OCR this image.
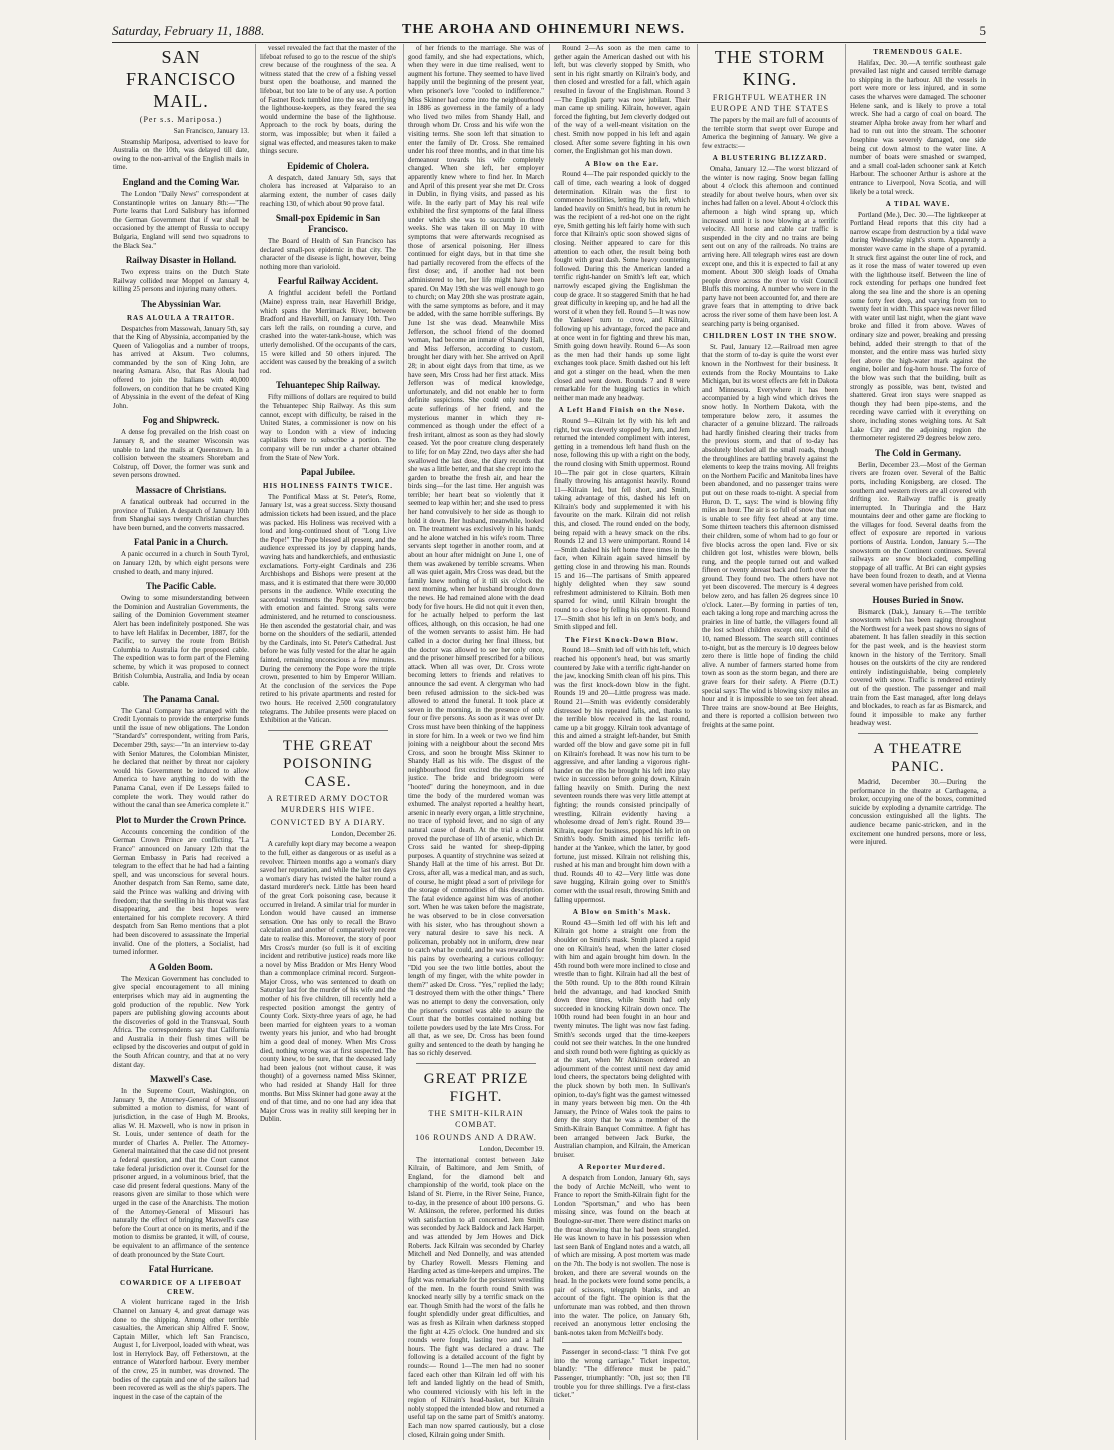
Saturday, February 11, 1888.	THE AROHA AND OHINEMURI NEWS.	5
SAN FRANCISCO MAIL.
(Per s.s. Mariposa.)
San Francisco, January 13.

Steamship Mariposa, advertised to leave for Australia on the 10th, was delayed till date, owing to the non-arrival of the English mails in time.

England and the Coming War.

The London "Daily News" correspondent at Constantinople writes on January 8th:—"The Porte learns that Lord Salisbury has informed the German Government that if war shall be occasioned by the attempt of Russia to occupy Bulgaria, England will send two squadrons to the Black Sea."

Railway Disaster in Holland.

Two express trains on the Dutch State Railway collided near Moppel on January 4, killing 25 persons and injuring many others.

The Abyssinian War.
RAS ALOULA A TRAITOR.

Despatches from Massowah, January 5th, say that the King of Abyssinia, accompanied by the Queen of Valiogolias and a number of troops, has arrived at Aksum. Two columns, commanded by the son of King John, are nearing Asmara. Also, that Ras Aloula had offered to join the Italians with 40,000 followers, on condition that he be created King of Abyssinia in the event of the defeat of King John.

Fog and Shipwreck.

A dense fog prevailed on the Irish coast on January 8, and the steamer Wisconsin was unable to land the mails at Queenstown. In a collision between the steamers Shorebam and Colstrup, off Dover, the former was sunk and seven persons drowned.

Massacre of Christians.

A fanatical outbreak had occurred in the province of Tukien. A despatch of January 10th from Shanghai says twenty Christian churches have been burned, and the converts massacred.

Fatal Panic in a Church.

A panic occurred in a church in South Tyrol, on January 12th, by which eight persons were crushed to death, and many injured.

The Pacific Cable.

Owing to some misunderstanding between the Dominion and Australian Governments, the sailing of the Dominion Government steamer Alert has been indefinitely postponed. She was to have left Halifax in December, 1887, for the Pacific, to survey the route from British Columbia to Australia for the proposed cable. The expedition was to form part of the Fleming scheme, by which it was proposed to connect British Columbia, Australia, and India by ocean cable.

The Panama Canal.

The Canal Company has arranged with the Credit Lyonnais to provide the enterprise funds until the issue of new obligations. The London "Standard's" correspondent, writing from Paris, December 29th, says:—"In an interview to-day with Senior Matures, the Colombian Minister, he declared that neither by threat nor cajolery would his Government be induced to allow America to have anything to do with the Panama Canal, even if De Lesseps failed to complete the work. They would rather do without the canal than see America complete it."

Plot to Murder the Crown Prince.

Accounts concerning the condition of the German Crown Prince are conflicting. "La France" announced on January 12th that the German Embassy in Paris had received a telegram to the effect that he had had a fainting spell, and was unconscious for several hours. Another despatch from San Remo, same date, said the Prince was walking and driving with freedom; that the swelling in his throat was fast disappearing, and the best hopes were entertained for his complete recovery. A third despatch from San Remo mentions that a plot had been discovered to assassinate the Imperial invalid. One of the plotters, a Socialist, had turned informer.

A Golden Boom.

The Mexican Government has concluded to give special encouragement to all mining enterprises which may aid in augmenting the gold production of the republic. New York papers are publishing glowing accounts about the discoveries of gold in the Transvaal, South Africa. The correspondents say that California and Australia in their flush times will be eclipsed by the discoveries and output of gold in the South African country, and that at no very distant day.

Maxwell's Case.

In the Supreme Court, Washington, on January 9, the Attorney-General of Missouri submitted a motion to dismiss, for want of jurisdiction, in the case of Hugh M. Brooks, alias W. H. Maxwell, who is now in prison in St. Louis, under sentence of death for the murder of Charles A. Preller. The Attorney-General maintained that the case did not present a federal question, and that the Court cannot take federal jurisdiction over it. Counsel for the prisoner argued, in a voluminous brief, that the case did present federal questions. Many of the reasons given are similar to those which were urged in the case of the Anarchists. The motion of the Attorney-General of Missouri has naturally the effect of bringing Maxwell's case before the Court at once on its merits, and if the motion to dismiss be granted, it will, of course, be equivalent to an affirmance of the sentence of death pronounced by the State Court.

Fatal Hurricane.
COWARDICE OF A LIFEBOAT CREW.

A violent hurricane raged in the Irish Channel on January 4, and great damage was done to the shipping. Among other terrible casualties, the American ship Alfred F. Snow, Captain Miller, which left San Francisco, August 1, for Liverpool, loaded with wheat, was lost in Herrylock Bay, off Fetherstown, at the entrance of Waterford harbour. Every member of the crew, 25 in number, was drowned. The bodies of the captain and one of the sailors had been recovered as well as the ship's papers. The inquest in the case of the captain of the

vessel revealed the fact that the master of the lifeboat refused to go to the rescue of the ship's crew because of the roughness of the sea. A witness stated that the crew of a fishing vessel burst open the boathouse, and manned the lifeboat, but too late to be of any use. A portion of Fastnet Rock tumbled into the sea, terrifying the lighthouse-keepers, as they feared the sea would undermine the base of the lighthouse. Approach to the rock by boats, during the storm, was impossible; but when it failed a signal was effected, and measures taken to make things secure.

Epidemic of Cholera.

A despatch, dated January 5th, says that cholera has increased at Valparaiso to an alarming extent, the number of cases daily reaching 130, of which about 90 prove fatal.

Small-pox Epidemic in San Francisco.

The Board of Health of San Francisco has declared small-pox epidemic in that city. The character of the disease is light, however, being nothing more than varioloid.

Fearful Railway Accident.

A frightful accident befell the Portland (Maine) express train, near Haverhill Bridge, which spans the Merrimack River, between Bradford and Haverhill, on January 10th. Two cars left the rails, on rounding a curve, and crashed into the water-tank-house, which was utterly demolished. Of the occupants of the cars, 15 were killed and 50 others injured. The accident was caused by the breaking of a switch rod.

Tehuantepec Ship Railway.

Fifty millions of dollars are required to build the Tehuantepec Ship Railway. As this sum cannot, except with difficulty, be raised in the United States, a commissioner is now on his way to London with a view of inducing capitalists there to subscribe a portion. The company will be run under a charter obtained from the State of New York.

Papal Jubilee.
HIS HOLINESS FAINTS TWICE.

The Pontifical Mass at St. Peter's, Rome, January 1st, was a great success. Sixty thousand admission tickets had been issued, and the place was packed. His Holiness was received with a loud and long-continued shout of "Long Live the Pope!" The Pope blessed all present, and the audience expressed its joy by clapping hands, waving hats and handkerchiefs, and enthusiastic exclamations. Forty-eight Cardinals and 236 Archbishops and Bishops were present at the mass, and it is estimated that there were 30,000 persons in the audience. While executing the sacerdotal vestments the Pope was overcome with emotion and fainted. Strong salts were administered, and he returned to consciousness. He then ascended the gestatorial chair, and was borne on the shoulders of the sediarii, attended by the Cardinals, into St. Peter's Cathedral. Just before he was fully vested for the altar he again fainted, remaining unconscious a few minutes. During the ceremony the Pope wore the triple crown, presented to him by Emperor William. At the conclusion of the services the Pope retired to his private apartments and rested for two hours. He received 2,500 congratulatory telegrams. The Jubilee presents were placed on Exhibition at the Vatican.

THE GREAT POISONING CASE.
A RETIRED ARMY DOCTOR MURDERS HIS WIFE.
CONVICTED BY A DIARY.
London, December 26.

A carefully kept diary may become a weapon to the full, either as dangerous or as useful as a revolver. Thirteen months ago a woman's diary saved her reputation, and while the last ten days a woman's diary has twisted the halter round a dastard murderer's neck. Little has been heard of the great Cork poisoning case, because it occurred in Ireland. A similar trial for murder in London would have caused an immense sensation. One has only to recall the Bravo calculation and another of comparatively recent date to realise this. Moreover, the story of poor Mrs Cross's murder (so full is it of exciting incident and retributive justice) reads more like a novel by Miss Braddon or Mrs Henry Wood than a commonplace criminal record. Surgeon-Major Cross, who was sentenced to death on Saturday last for the murder of his wife and the mother of his five children, till recently held a respected position amongst the gentry of County Cork. Sixty-three years of age, he had been married for eighteen years to a woman twenty years his junior, and who had brought him a good deal of money. When Mrs Cross died, nothing wrong was at first suspected. The county knew, to be sure, that the deceased lady had been jealous (not without cause, it was thought) of a governess named Miss Skinner, who had resided at Shandy Hall for three months. But Miss Skinner had gone away at the end of that time, and no one had any idea that Major Cross was in reality still keeping her in Dublin.

of her friends to the marriage. She was of good family, and she had expectations, which, when they were in due time realised, went to augment his fortune. They seemed to have lived happily until the beginning of the present year, when prisoner's love "cooled to indifference." Miss Skinner had come into the neighbourhood in 1886 as governess in the family of a lady who lived two miles from Shandy Hall, and through whom Dr. Cross and his wife won the visiting terms. She soon left that situation to enter the family of Dr. Cross. She remained under his roof three months, and in that time his demeanour towards his wife completely changed. When she left, her employer apparently knew where to find her. In March and April of this present year she met Dr. Cross in Dublin, in flying visits, and passed as his wife. In the early part of May his real wife exhibited the first symptoms of the fatal illness under which she was to succumb in three weeks. She was taken ill on May 10 with symptoms that were afterwards recognised as those of arsenical poisoning. Her illness continued for eight days, but in that time she had partially recovered from the effects of the first dose; and, if another had not been administered to her, her life might have been spared. On May 19th she was well enough to go to church; on May 20th she was prostrate again, with the same symptoms as before, and it may be added, with the same horrible sufferings. By June 1st she was dead. Meanwhile Miss Jefferson, the school friend of the doomed woman, had become an inmate of Shandy Hall, and Miss Jefferson, according to custom, brought her diary with her. She arrived on April 28; in about eight days from that time, as we have seen, Mrs Cross had her first attack. Miss Jefferson was of medical knowledge, unfortunately, and did not enable her to form definite suspicions. She could only note the acute sufferings of her friend, and the mysterious manner in which they re-commenced as though under the effect of a fresh irritant, almost as soon as they had slowly ceased. Yet the poor creature clung desperately to life; for on May 22nd, two days after she had swallowed the last dose, the diary records that she was a little better, and that she crept into the garden to breathe the fresh air, and hear the birds sing—for the last time. Her anguish was terrible; her heart beat so violently that it seemed to leap within her; and she used to press her hand convulsively to her side as though to hold it down. Her husband, meanwhile, looked on. The treatment was exclusively in his hands; and he alone watched in his wife's room. Three servants slept together in another room, and at about an hour after midnight on June 1, one of them was awakened by terrible screams. When all was quiet again, Mrs Cross was dead, but the family knew nothing of it till six o'clock the next morning, when her husband brought down the news. He had remained alone with the dead body for five hours. He did not quit it even then, for he actually helped to perform the last offices, although, on this occasion, he had one of the women servants to assist him. He had called in a doctor during her final illness, but the doctor was allowed to see her only once, and the prisoner himself prescribed for a bilious attack. When all was over, Dr. Cross wrote becoming letters to friends and relatives to announce the sad event. A clergyman who had been refused admission to the sick-bed was allowed to attend the funeral. It took place at seven in the morning, in the presence of only four or five persons. As soon as it was over Dr. Cross must have been thinking of the happiness in store for him. In a week or two we find him joining with a neighbour about the second Mrs Cross, and soon he brought Miss Skinner to Shandy Hall as his wife. The disgust of the neighbourhood first excited the suspicions of justice. The bride and bridegroom were "hooted" during the honeymoon, and in due time the body of the murdered woman was exhumed. The analyst reported a healthy heart, arsenic in nearly every organ, a little strychnine, no trace of typhoid fever, and no sign of any natural cause of death. At the trial a chemist proved the purchase of 1lb of arsenic, which Dr. Cross said he wanted for sheep-dipping purposes. A quantity of strychnine was seized at Shandy Hall at the time of his arrest. But Dr. Cross, after all, was a medical man, and as such, of course, he might plead a sort of privilege for the storage of commodities of this description. The fatal evidence against him was of another sort. When he was taken before the magistrate, he was observed to be in close conversation with his sister, who has throughout shown a very natural desire to save his neck. A policeman, probably not in uniform, drew near to catch what he could, and he was rewarded for his pains by overhearing a curious colloquy: "Did you see the two little bottles, about the length of my finger, with the white powder in them?" asked Dr. Cross. "Yes," replied the lady; "I destroyed them with the other things." There was no attempt to deny the conversation, only the prisoner's counsel was able to assure the Court that the bottles contained nothing but toilette powders used by the late Mrs Cross. For all that, as we see, Dr. Cross has been found guilty and sentenced to the death by hanging he has so richly deserved.

GREAT PRIZE FIGHT.
THE SMITH-KILRAIN COMBAT.
106 ROUNDS AND A DRAW.
London, December 19.

The international contest between Jake Kilrain, of Baltimore, and Jem Smith, of England, for the diamond belt and championship of the world, took place on the Island of St. Pierre, in the River Seine, France, to-day, in the presence of about 100 persons. G. W. Atkinson, the referee, performed his duties with satisfaction to all concerned. Jem Smith was seconded by Jack Baldock and Jack Harper, and was attended by Jem Howes and Dick Roberts. Jack Kilrain was seconded by Charley Mitchell and Ned Donnelly, and was attended by Charley Rowell. Messrs Fleming and Harding acted as time-keepers and umpires. The fight was remarkable for the persistent wrestling of the men. In the fourth round Smith was knocked nearly silly by a terrific smack on the ear. Though Smith had the worst of the falls he fought splendidly under great difficulties, and was as fresh as Kilrain when darkness stopped the fight at 4.25 o'clock. One hundred and six rounds were fought, lasting two and a half hours. The fight was declared a draw. The following is a detailed account of the fight by rounds:— Round 1—The men had no sooner faced each other than Kilrain led off with his left and landed lightly on the head of Smith, who countered viciously with his left in the region of Kilrain's head-basket, but Kilrain nobly stopped the intended blow and returned a useful tap on the same part of Smith's anatomy. Each man now sparred cautiously, but a close closed, Kilrain going under Smith.

Round 2—As soon as the men came to gether again the American dashed out with his left, but was cleverly stopped by Smith, who sent in his right smartly on Kilrain's body, and then closed and wrestled for a fall, which again resulted in favour of the Englishman. Round 3—The English party was now jubilant. Their man came up smiling. Kilrain, however, again forced the fighting, but Jem cleverly dodged out of the way of a well-meant visitation on the chest. Smith now popped in his left and again closed. After some severe fighting in his own corner, the Englishman got his man down.

A Blow on the Ear.

Round 4—The pair responded quickly to the call of time, each wearing a look of dogged determination. Kilrain was the first to commence hostilities, letting fly his left, which landed heavily on Smith's head, but in return he was the recipient of a red-hot one on the right eye, Smith getting his left fairly home with such force that Kilrain's optic soon showed signs of closing. Neither appeared to care for this attention to each other, the result being both fought with great dash. Some heavy countering followed. During this the American landed a terrific right-hander on Smith's left ear, which narrowly escaped giving the Englishman the coup de grace. It so staggered Smith that he had great difficulty in keeping up, and he had all the worst of it when they fell. Round 5—It was now the Yankees' turn to crow, and Kilrain, following up his advantage, forced the pace and at once went in for fighting and threw his man, Smith going down heavily. Round 6—As soon as the men had their hands up some light exchanges took place. Smith dashed out his left and got a stinger on the head, when the men closed and went down. Rounds 7 and 8 were remarkable for the hugging tactics in which neither man made any headway.

A Left Hand Finish on the Nose.

Round 9—Kilrain let fly with his left and right, but was cleverly stopped by Jem, and Jem returned the intended compliment with interest, getting in a tremendous left hand flush on the nose, following this up with a right on the body, the round closing with Smith uppermost. Round 10—The pair got in close quarters, Kilrain finally throwing his antagonist heavily. Round 11—Kilrain led, but fell short, and Smith, taking advantage of this, dashed his left on Kilrain's body and supplemented it with his favourite on the mark. Kilrain did not relish this, and closed. The round ended on the body, being repaid with a heavy smack on the ribs. Rounds 12 and 13 were unimportant. Round 14—Smith dashed his left home three times in the face, when Kilrain again saved himself by getting close in and throwing his man. Rounds 15 and 16—The partisans of Smith appeared highly delighted when they saw sound refreshment administered to Kilrain. Both men sparred for wind, until Kilrain brought the round to a close by felling his opponent. Round 17—Smith shot his left in on Jem's body, and Smith slipped and fell.

The First Knock-Down Blow.

Round 18—Smith led off with his left, which reached his opponent's head, but was smartly countered by Jake with a terrific right-hander on the jaw, knocking Smith clean off his pins. This was the first knock-down blow in the fight. Rounds 19 and 20—Little progress was made. Round 21—Smith was evidently considerably distressed by his repeated falls, and, thanks to the terrible blow received in the last round, came up a bit groggy. Kilrain took advantage of this and aimed a straight left-hander, but Smith warded off the blow and gave some pit in full on Kilrain's forehead. It was now his turn to be aggressive, and after landing a vigorous right-hander on the ribs he brought his left into play twice in succession before going down, Kilrain falling heavily on Smith. During the next seventeen rounds there was very little attempt at fighting; the rounds consisted principally of wrestling, Kilrain evidently having a wholesome dread of Jem's right. Round 39—Kilrain, eager for business, popped his left in on Smith's body. Smith aimed his terrific left-hander at the Yankee, which the latter, by good fortune, just missed. Kilrain not relishing this, rushed at his man and brought him down with a thud. Rounds 40 to 42—Very little was done save hugging, Kilrain going over to Smith's corner with the usual result, throwing Smith and falling uppermost.

A Blow on Smith's Mask.

Round 43—Smith led off with his left and Kilrain got home a straight one from the shoulder on Smith's mask. Smith placed a rapid one on Kilrain's head, when the latter closed with him and again brought him down. In the 45th round both were more inclined to close and wrestle than to fight. Kilrain had all the best of the 50th round. Up to the 80th round Kilrain held the advantage, and had knocked Smith down three times, while Smith had only succeeded in knocking Kilrain down once. The 100th round had been fought in an hour and twenty minutes. The light was now fast fading. Smith's seconds urged that the time-keepers could not see their watches. In the one hundred and sixth round both were fighting as quickly as at the start, when Mr Atkinson ordered an adjournment of the contest until next day amid loud cheers, the spectators being delighted with the pluck shown by both men. In Sullivan's opinion, to-day's fight was the gamest witnessed in many years between big men. On the 4th January, the Prince of Wales took the pains to deny the story that he was a member of the Smith-Kilrain Banquet Committee. A fight has been arranged between Jack Burke, the Australian champion, and Kilrain, the American bruiser.

A Reporter Murdered.

A despatch from London, January 6th, says the body of Archie McNeill, who went to France to report the Smith-Kilrain fight for the London "Sportsman," and who has been missing since, was found on the beach at Boulogne-sur-mer. There were distinct marks on the throat showing that he had been strangled. He was known to have in his possession when last seen Bank of England notes and a watch, all of which are missing. A post mortem was made on the 7th. The body is not swollen. The nose is broken, and there are several wounds on the head. In the pockets were found some pencils, a pair of scissors, telegraph blanks, and an account of the fight. The opinion is that the unfortunate man was robbed, and then thrown into the water. The police, on January 6th, received an anonymous letter enclosing the bank-notes taken from McNeill's body.

Passenger in second-class: "I think I've got into the wrong carriage." Ticket inspector, blandly: "The difference must be paid." Passenger, triumphantly: "Oh, just so; then I'll trouble you for three shillings. I've a first-class ticket."

THE STORM KING.
FRIGHTFUL WEATHER IN EUROPE AND THE STATES

The papers by the mail are full of accounts of the terrible storm that swept over Europe and America the beginning of January. We give a few extracts:—

A BLUSTERING BLIZZARD.

Omaha, January 12.—The worst blizzard of the winter is now raging. Snow began falling about 4 o'clock this afternoon and continued steadily for about twelve hours, when over six inches had fallen on a level. About 4 o'clock this afternoon a high wind sprang up, which increased until it is now blowing at a terrific velocity. All horse and cable car traffic is suspended in the city and no trains are being sent out on any of the railroads. No trains are arriving here. All telegraph wires east are down except one, and this it is expected to fail at any moment. About 300 sleigh loads of Omaha people drove across the river to visit Council Bluffs this morning. A number who were in the party have not been accounted for, and there are grave fears that in attempting to drive back across the river some of them have been lost. A searching party is being organised.

CHILDREN LOST IN THE SNOW.

St. Paul, January 12.—Railroad men agree that the storm of to-day is quite the worst ever known in the Northwest for their business. It extends from the Rocky Mountains to Lake Michigan, but its worst effects are felt in Dakota and Minnesota. Everywhere it has been accompanied by a high wind which drives the snow hotly. In Northern Dakota, with the temperature below zero, it assumes the character of a genuine blizzard. The railroads had hardly finished clearing their tracks from the previous storm, and that of to-day has absolutely blocked all the small roads, though the throughlines are battling bravely against the elements to keep the trains moving. All freights on the Northern Pacific and Manitoba lines have been abandoned, and no passenger trains were put out on these roads to-night. A special from Huron, D. T., says: The wind is blowing fifty miles an hour. The air is so full of snow that one is unable to see fifty feet ahead at any time. Some thirteen teachers this afternoon dismissed their children, some of whom had to go four or five blocks across the open land. Five or six children got lost, whistles were blown, bells rung, and the people turned out and walked fifteen or twenty abreast back and forth over the ground. They found two. The others have not yet been discovered. The mercury is 4 degrees below zero, and has fallen 26 degrees since 10 o'clock. Later.—By forming in parties of ten, each taking a long rope and marching across the prairies in line of battle, the villagers found all the lost school children except one, a child of 10, named Blessom. The search still continues to-night, but as the mercury is 10 degrees below zero there is little hope of finding the child alive. A number of farmers started home from town as soon as the storm began, and there are grave fears for their safety. A Pierre (D.T.) special says: The wind is blowing sixty miles an hour and it is impossible to see ten feet ahead. Three trains are snow-bound at Bee Heights, and there is reported a collision between two freights at the same point.

TREMENDOUS GALE.

Halifax, Dec. 30.—A terrific southeast gale prevailed last night and caused terrible damage to shipping in the harbour. All the vessels in port were more or less injured, and in some cases the wharves were damaged. The schooner Helene sank, and is likely to prove a total wreck. She had a cargo of coal on board. The steamer Alpha broke away from her wharf and had to run out into the stream. The schooner Josephine was severely damaged, one side being cut down almost to the water line. A number of boats were smashed or swamped, and a small coal-laden schooner sank at Ketch Harbour. The schooner Arthur is ashore at the entrance to Liverpool, Nova Scotia, and will likely be a total wreck.

A TIDAL WAVE.

Portland (Me.), Dec. 30.—The lightkeeper at Portland Head reports that this city had a narrow escape from destruction by a tidal wave during Wednesday night's storm. Apparently a monster wave came in the shape of a pyramid. It struck first against the outer line of rock, and as it rose the mass of water towered up even with the lighthouse itself. Between the line of rock extending for perhaps one hundred feet along the sea line and the shore is an opening some forty feet deep, and varying from ten to twenty feet in width. This space was never filled with water until last night, when the giant wave broke and filled it from above. Waves of ordinary size and power, breaking and pressing behind, added their strength to that of the monster, and the entire mass was hurled sixty feet above the high-water mark against the engine, boiler and fog-horn house. The force of the blow was such that the building, built as strongly as possible, was bent, twisted and shattered. Great iron stays were snapped as though they had been pipe-stems, and the receding wave carried with it everything on shore, including stones weighing tons. At Salt Lake City and the adjoining region the thermometer registered 29 degrees below zero.

The Cold in Germany.

Berlin, December 23.—Most of the German rivers are frozen over. Several of the Baltic ports, including Konigsberg, are closed. The southern and western rivers are all covered with drifting ice. Railway traffic is greatly interrupted. In Thuringia and the Harz mountains deer and other game are flocking to the villages for food. Several deaths from the effect of exposure are reported in various portions of Austria. London, January 5.—The snowstorm on the Continent continues. Several railways are snow blockaded, compelling stoppage of all traffic. At Bri can eight gypsies have been found frozen to death, and at Vienna several women have perished from cold.

Houses Buried in Snow.

Bismarck (Dak.), January 6.—The terrible snowstorm which has been raging throughout the Northwest for a week past shows no signs of abatement. It has fallen steadily in this section for the past week, and is the heaviest storm known in the history of the Territory. Small houses on the outskirts of the city are rendered entirely indistinguishable, being completely covered with snow. Traffic is rendered entirely out of the question. The passenger and mail train from the East managed, after long delays and blockades, to reach as far as Bismarck, and found it impossible to make any further headway west.

A THEATRE PANIC.

Madrid, December 30.—During the performance in the theatre at Carthagena, a broker, occupying one of the boxes, committed suicide by exploding a dynamite cartridge. The concussion extinguished all the lights. The audience became panic-stricken, and in the excitement one hundred persons, more or less, were injured.
